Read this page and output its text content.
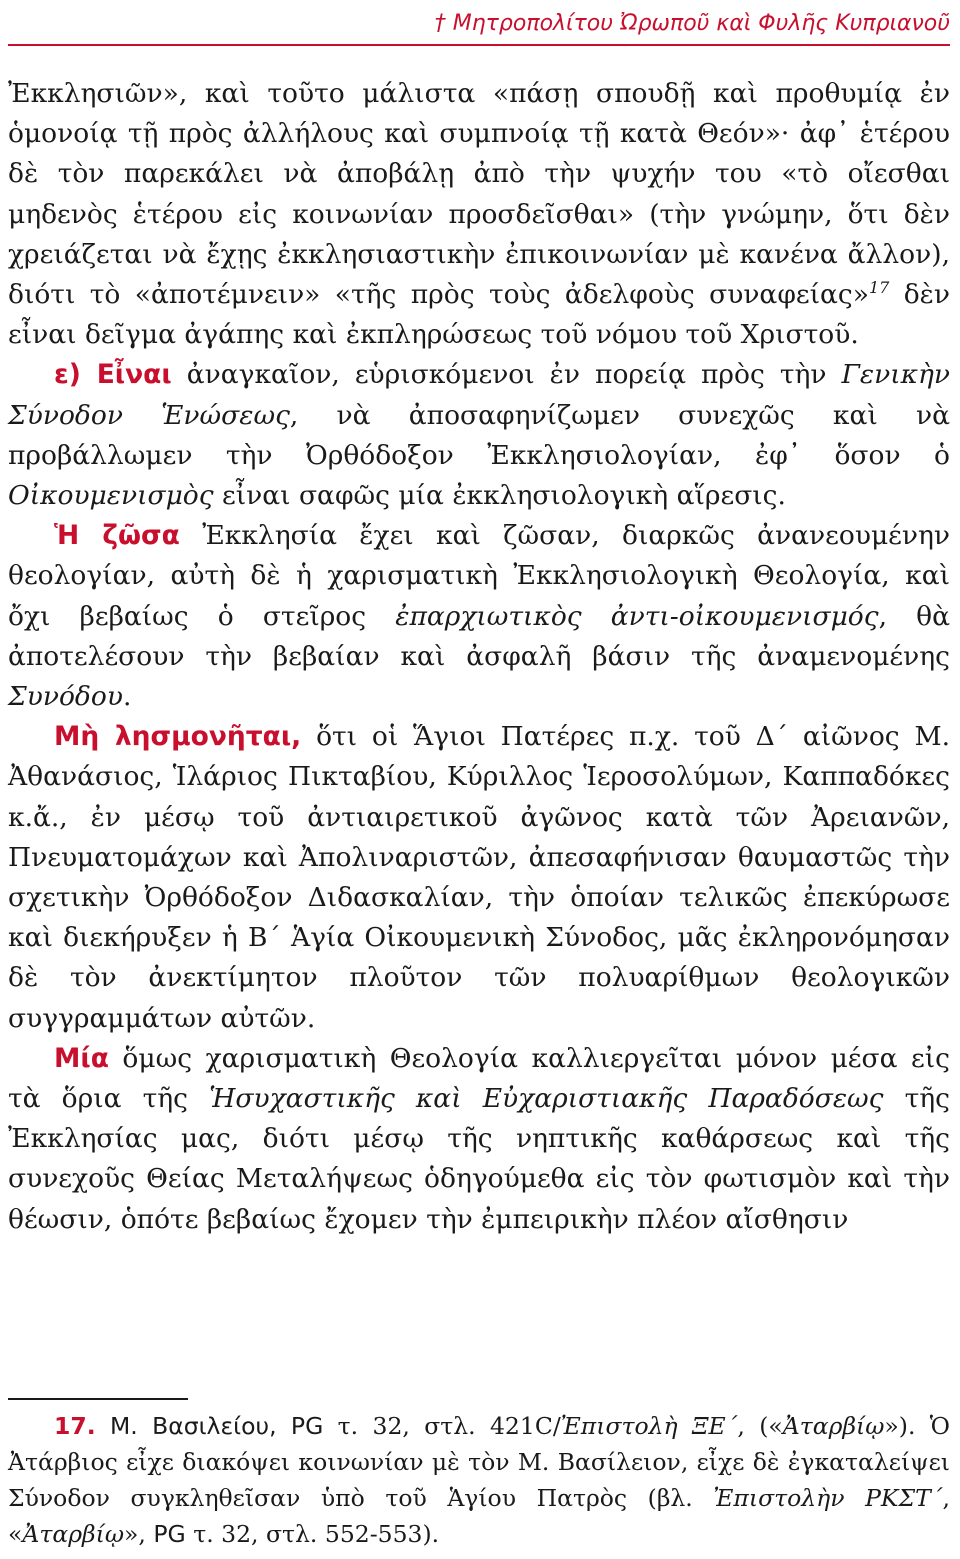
† Μητροπολίτου Ὠρωποῦ καὶ Φυλῆς Κυπριανοῦ

Ἐκκλησιῶν», καὶ τοῦτο μάλιστα «πάσῃ σπουδῇ καὶ προθυμίᾳ ἐν ὁμονοίᾳ τῇ πρὸς ἀλλήλους καὶ συμπνοίᾳ τῇ κατὰ Θεόν»· ἀφ᾽ ἑτέρου δὲ τὸν παρεκάλει νὰ ἀποβάλῃ ἀπὸ τὴν ψυχήν του «τὸ οἴεσθαι μηδενὸς ἑτέρου εἰς κοινωνίαν προσδεῖσθαι» (τὴν γνώμην, ὅτι δὲν χρειάζεται νὰ ἔχῃς ἐκκλησιαστικὴν ἐπικοινωνίαν μὲ κανένα ἄλλον), διότι τὸ «ἀποτέμνειν» «τῆς πρὸς τοὺς ἀδελφοὺς συναφείας»$^{17}$ δὲν εἶναι δεῖγμα ἀγάπης καὶ ἐκπληρώσεως τοῦ νόμου τοῦ Χριστοῦ.

ε) Εἶναι ἀναγκαῖον, εὑρισκόμενοι ἐν πορείᾳ πρὸς τὴν Γενικὴν Σύνοδον Ἑνώσεως, νὰ ἀποσαφηνίζωμεν συνεχῶς καὶ νὰ προβάλλωμεν τὴν Ὀρθόδοξον Ἐκκλησιολογίαν, ἐφ᾽ ὅσον ὁ Οἰκουμενισμὸς εἶναι σαφῶς μία ἐκκλησιολογικὴ αἵρεσις.

Ἡ ζῶσα Ἐκκλησία ἔχει καὶ ζῶσαν, διαρκῶς ἀνανεουμένην θεολογίαν, αὐτὴ δὲ ἡ χαρισματικὴ Ἐκκλησιολογικὴ Θεολογία, καὶ ὄχι βεβαίως ὁ στεῖρος ἐπαρχιωτικὸς ἀντι-οἰκουμενισμός, θὰ ἀποτελέσουν τὴν βεβαίαν καὶ ἀσφαλῆ βάσιν τῆς ἀναμενομένης Συνόδου.

Μὴ λησμονῆται, ὅτι οἱ Ἅγιοι Πατέρες π.χ. τοῦ Δ´ αἰῶνος Μ. Ἀθανάσιος, Ἱλάριος Πικταβίου, Κύριλλος Ἱεροσολύμων, Καππαδόκες κ.ἄ., ἐν μέσῳ τοῦ ἀντιαιρετικοῦ ἀγῶνος κατὰ τῶν Ἀρειανῶν, Πνευματομάχων καὶ Ἀπολιναριστῶν, ἀπεσαφήνισαν θαυμαστῶς τὴν σχετικὴν Ὀρθόδοξον Διδασκαλίαν, τὴν ὁποίαν τελικῶς ἐπεκύρωσε καὶ διεκήρυξεν ἡ Β´ Ἁγία Οἰκουμενικὴ Σύνοδος, μᾶς ἐκληρονόμησαν δὲ τὸν ἀνεκτίμητον πλοῦτον τῶν πολυαρίθμων θεολογικῶν συγγραμμάτων αὐτῶν.

Μία ὅμως χαρισματικὴ Θεολογία καλλιεργεῖται μόνον μέσα εἰς τὰ ὅρια τῆς Ἡσυχαστικῆς καὶ Εὐχαριστιακῆς Παραδόσεως τῆς Ἐκκλησίας μας, διότι μέσῳ τῆς νηπτικῆς καθάρσεως καὶ τῆς συνεχοῦς Θείας Μεταλήψεως ὁδηγούμεθα εἰς τὸν φωτισμὸν καὶ τὴν θέωσιν, ὁπότε βεβαίως ἔχομεν τὴν ἐμπειρικὴν πλέον αἴσθησιν

17. Μ. Βασιλείου, PG τ. 32, στλ. 421C/Ἐπιστολὴ ΞΕ´, («Ἀταρβίῳ»). Ὁ Ἀτάρβιος εἶχε διακόψει κοινωνίαν μὲ τὸν Μ. Βασίλειον, εἶχε δὲ ἐγκαταλείψει Σύνοδον συγκληθεῖσαν ὑπὸ τοῦ Ἁγίου Πατρὸς (βλ. Ἐπιστολὴν ΡΚΣΤ´, «Ἀταρβίῳ», PG τ. 32, στλ. 552-553).
